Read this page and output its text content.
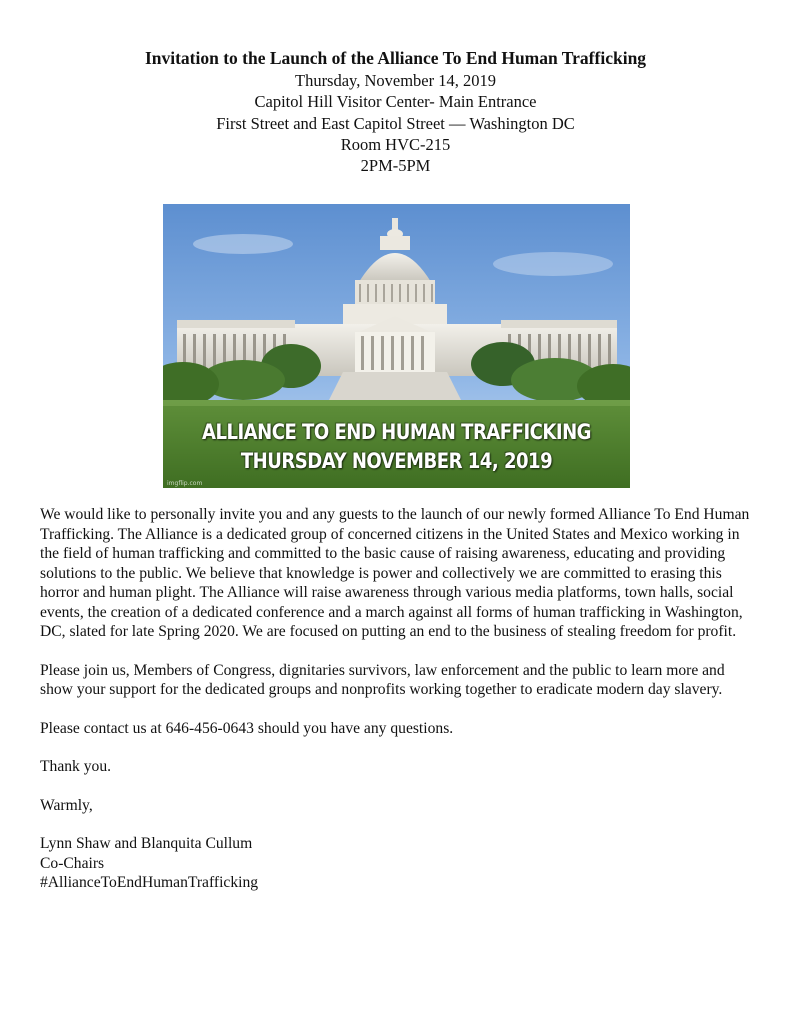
Invitation to the Launch of the Alliance To End Human Trafficking
Thursday, November 14, 2019
Capitol Hill Visitor Center- Main Entrance
First Street and East Capitol Street — Washington DC
Room HVC-215
2PM-5PM
ALLIANCE TO END HUMAN TRAFFICKING
THURSDAY NOVEMBER 14, 2019
imgflip.com

We would like to personally invite you and any guests to the launch of our newly formed Alliance To End Human Trafficking. The Alliance is a dedicated group of concerned citizens in the United States and Mexico working in the field of human trafficking and committed to the basic cause of raising awareness, educating and providing solutions to the public. We believe that knowledge is power and collectively we are committed to erasing this horror and human plight. The Alliance will raise awareness through various media platforms, town halls, social events, the creation of a dedicated conference and a march against all forms of human trafficking in Washington, DC, slated for late Spring 2020. We are focused on putting an end to the business of stealing freedom for profit.

Please join us, Members of Congress, dignitaries survivors, law enforcement and the public to learn more and show your support for the dedicated groups and nonprofits working together to eradicate modern day slavery.

Please contact us at 646-456-0643 should you have any questions.

Thank you.

Warmly,

Lynn Shaw and Blanquita Cullum

Co-Chairs

#AllianceToEndHumanTrafficking
